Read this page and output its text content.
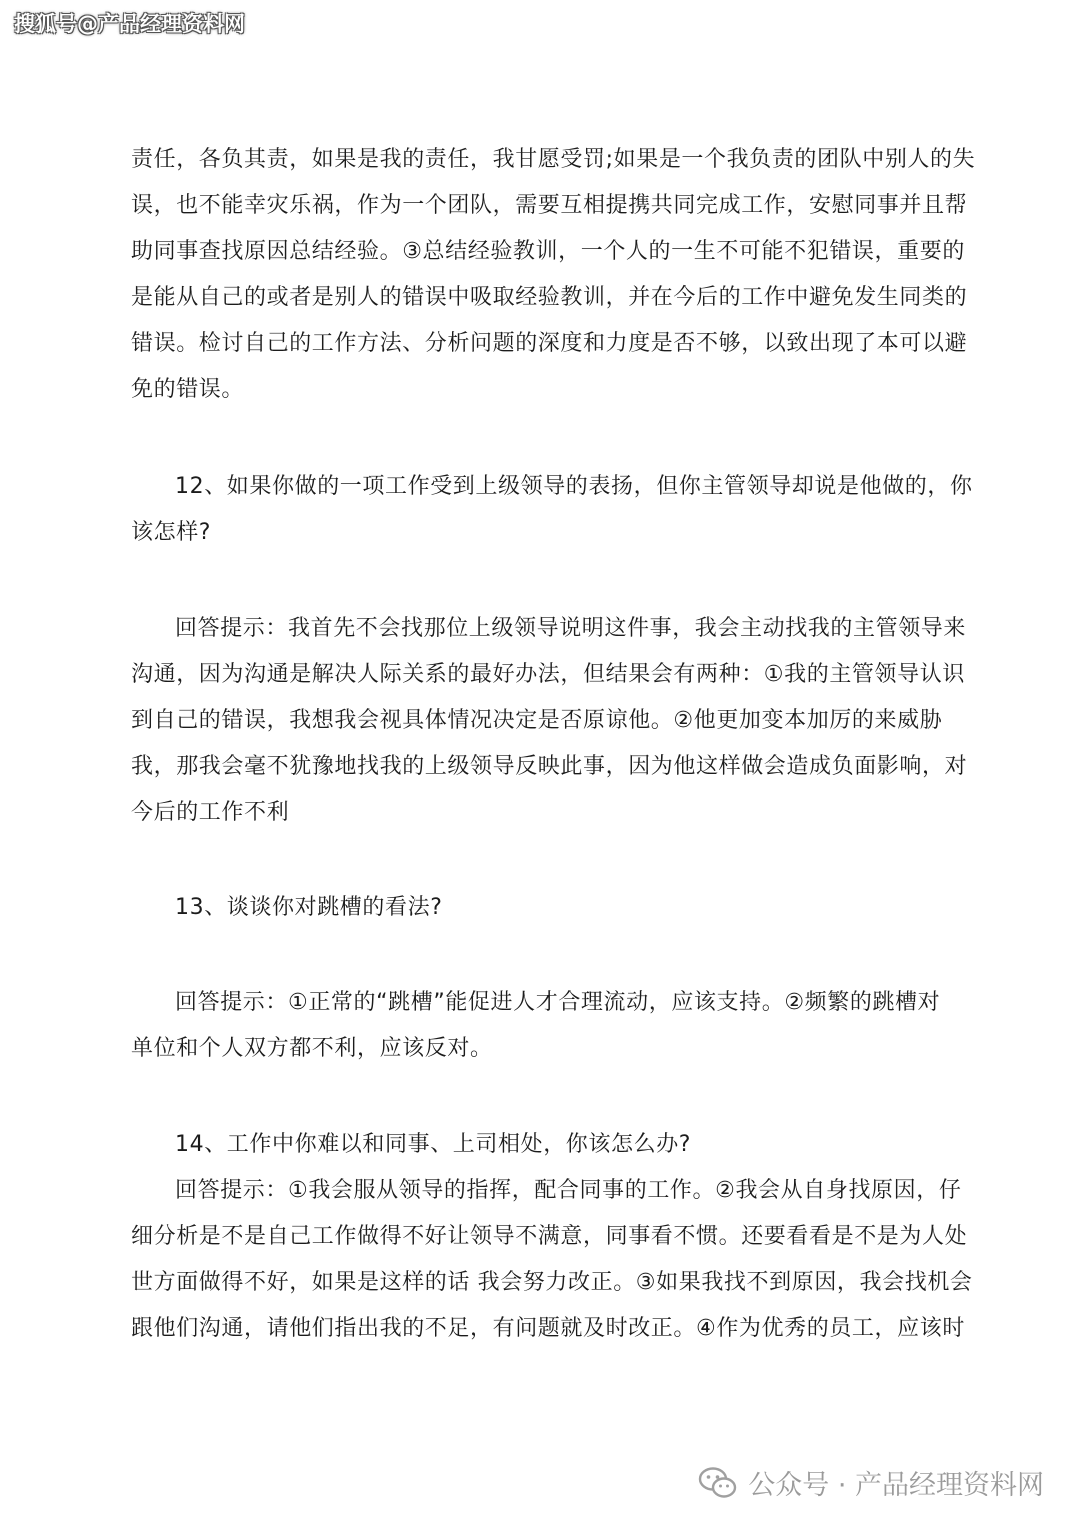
搜狐号@产品经理资料网
责任，各负其责，如果是我的责任，我甘愿受罚;如果是一个我负责的团队中别人的失
误，也不能幸灾乐祸，作为一个团队，需要互相提携共同完成工作，安慰同事并且帮
助同事查找原因总结经验。③总结经验教训，一个人的一生不可能不犯错误，重要的
是能从自己的或者是别人的错误中吸取经验教训，并在今后的工作中避免发生同类的
错误。检讨自己的工作方法、分析问题的深度和力度是否不够，以致出现了本可以避
免的错误。
12、如果你做的一项工作受到上级领导的表扬，但你主管领导却说是他做的，你
该怎样?
回答提示：我首先不会找那位上级领导说明这件事，我会主动找我的主管领导来
沟通，因为沟通是解决人际关系的最好办法，但结果会有两种：①我的主管领导认识
到自己的错误，我想我会视具体情况决定是否原谅他。②他更加变本加厉的来威胁
我，那我会毫不犹豫地找我的上级领导反映此事，因为他这样做会造成负面影响，对
今后的工作不利
13、谈谈你对跳槽的看法?
回答提示：①正常的“跳槽”能促进人才合理流动，应该支持。②频繁的跳槽对
单位和个人双方都不利，应该反对。
14、工作中你难以和同事、上司相处，你该怎么办?
回答提示：①我会服从领导的指挥，配合同事的工作。②我会从自身找原因，仔
细分析是不是自己工作做得不好让领导不满意，同事看不惯。还要看看是不是为人处
世方面做得不好，如果是这样的话 我会努力改正。③如果我找不到原因，我会找机会
跟他们沟通，请他们指出我的不足，有问题就及时改正。④作为优秀的员工，应该时
公众号 · 产品经理资料网
